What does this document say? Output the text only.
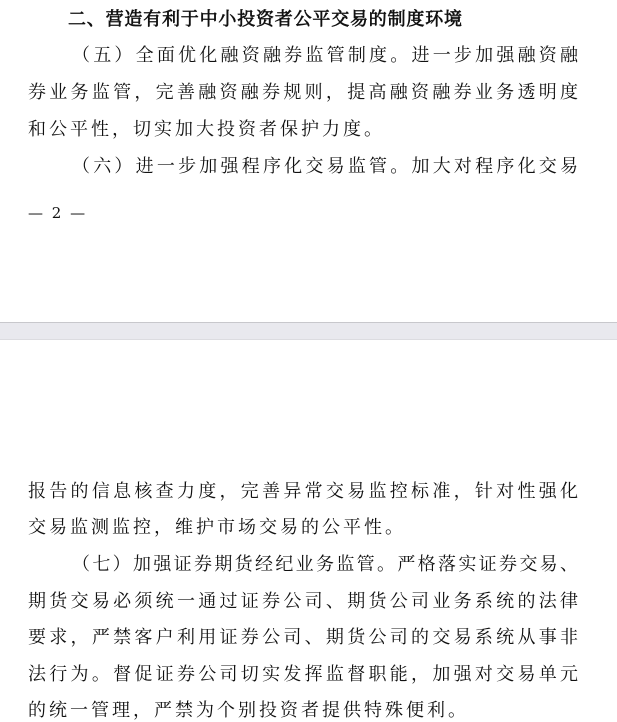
二、营造有利于中小投资者公平交易的制度环境
（五）全面优化融资融券监管制度。进一步加强融资融
券业务监管，完善融资融券规则，提高融资融券业务透明度
和公平性，切实加大投资者保护力度。
（六）进一步加强程序化交易监管。加大对程序化交易
— 2 —
报告的信息核查力度，完善异常交易监控标准，针对性强化
交易监测监控，维护市场交易的公平性。
（七）加强证券期货经纪业务监管。严格落实证券交易、
期货交易必须统一通过证券公司、期货公司业务系统的法律
要求，严禁客户利用证券公司、期货公司的交易系统从事非
法行为。督促证券公司切实发挥监督职能，加强对交易单元
的统一管理，严禁为个别投资者提供特殊便利。
